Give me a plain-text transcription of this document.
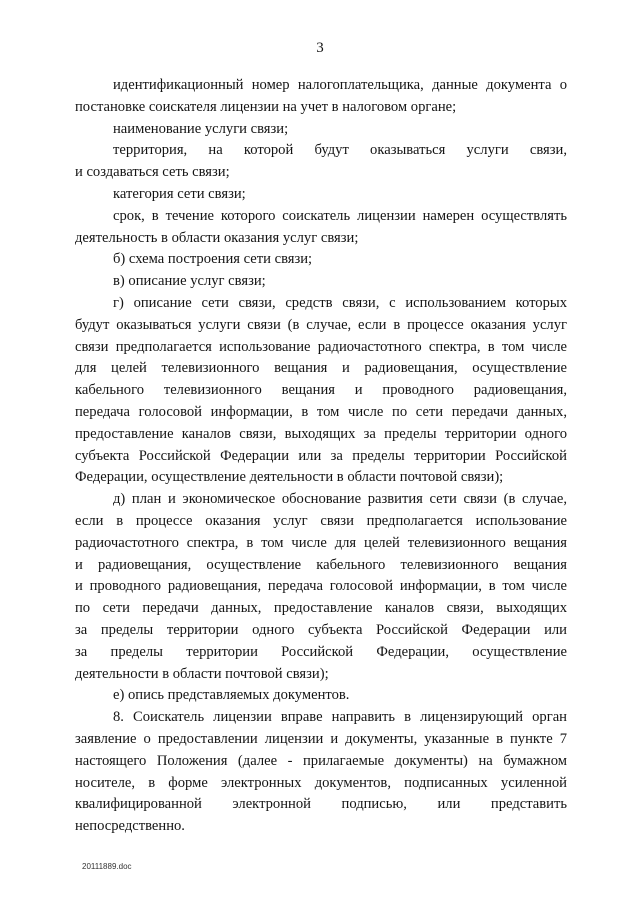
3
идентификационный номер налогоплательщика, данные документа о
постановке соискателя лицензии на учет в налоговом органе;
наименование услуги связи;
территория, на которой будут оказываться услуги связи,
и создаваться сеть связи;
категория сети связи;
срок, в течение которого соискатель лицензии намерен осуществлять
деятельность в области оказания услуг связи;
б) схема построения сети связи;
в) описание услуг связи;
г) описание сети связи, средств связи, с использованием которых
будут оказываться услуги связи (в случае, если в процессе оказания услуг
связи предполагается использование радиочастотного спектра, в том числе
для целей телевизионного вещания и радиовещания, осуществление
кабельного телевизионного вещания и проводного радиовещания,
передача голосовой информации, в том числе по сети передачи данных,
предоставление каналов связи, выходящих за пределы территории одного
субъекта Российской Федерации или за пределы территории Российской
Федерации, осуществление деятельности в области почтовой связи);
д) план и экономическое обоснование развития сети связи (в случае,
если в процессе оказания услуг связи предполагается использование
радиочастотного спектра, в том числе для целей телевизионного вещания
и радиовещания, осуществление кабельного телевизионного вещания
и проводного радиовещания, передача голосовой информации, в том числе
по сети передачи данных, предоставление каналов связи, выходящих
за пределы территории одного субъекта Российской Федерации или
за пределы территории Российской Федерации, осуществление
деятельности в области почтовой связи);
е) опись представляемых документов.
8. Соискатель лицензии вправе направить в лицензирующий орган
заявление о предоставлении лицензии и документы, указанные в пункте 7
настоящего Положения (далее - прилагаемые документы) на бумажном
носителе, в форме электронных документов, подписанных усиленной
квалифицированной электронной подписью, или представить
непосредственно.
20111889.doc
